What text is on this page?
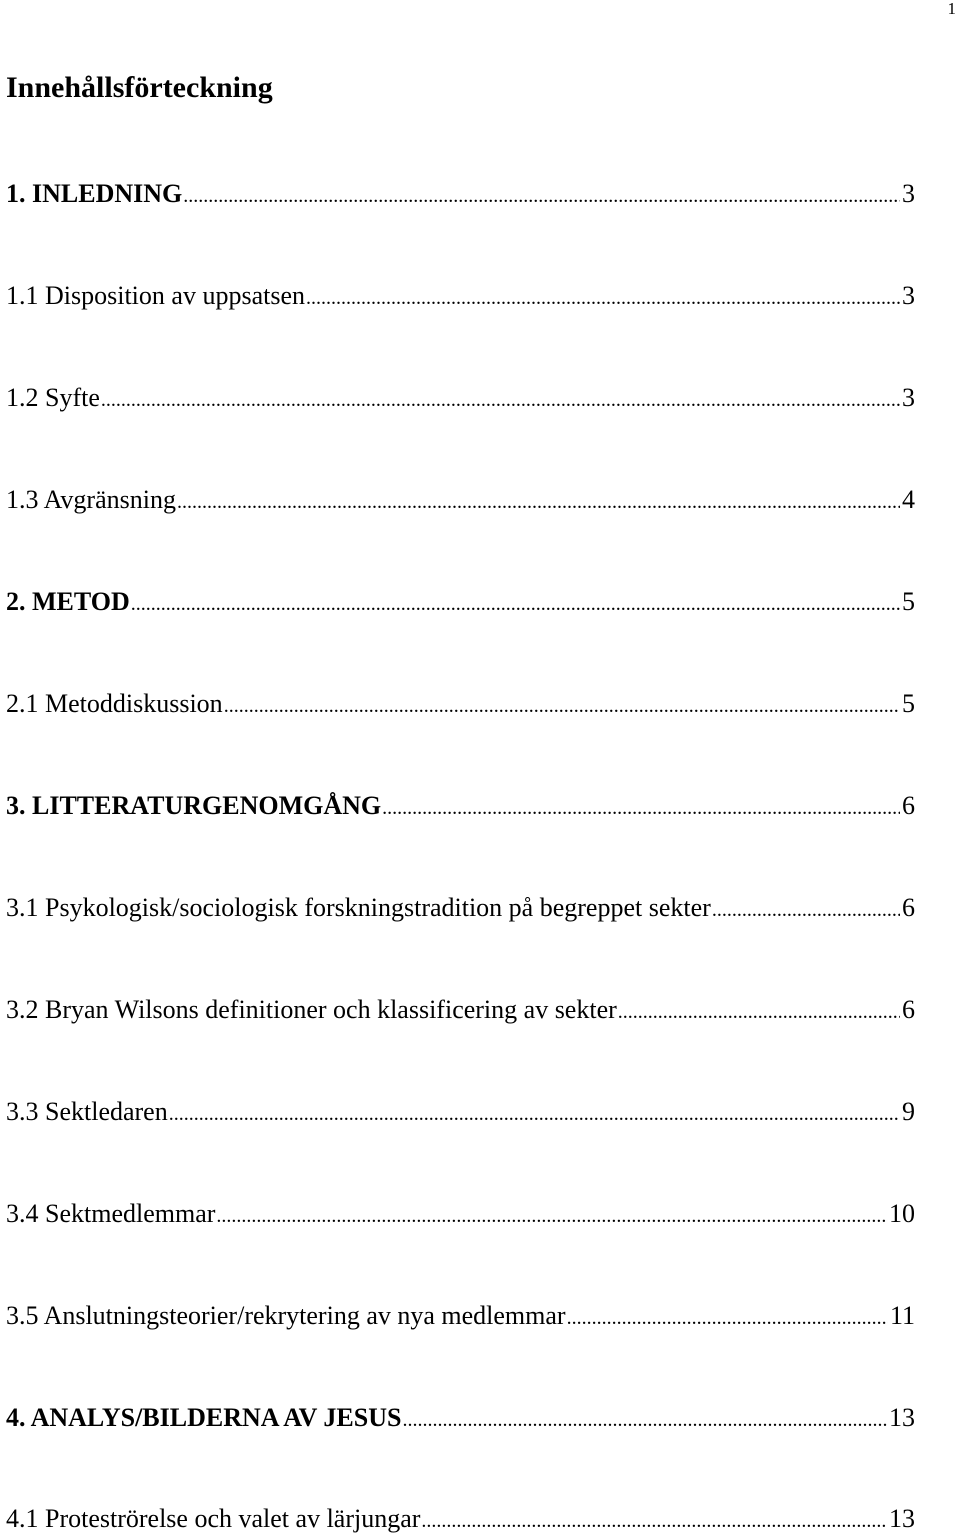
1
Innehållsförteckning
1. INLEDNING .....	3
1.1 Disposition av uppsatsen .....	3
1.2 Syfte .....	3
1.3 Avgränsning .....	4
2. METOD .....	5
2.1 Metoddiskussion .....	5
3. LITTERATURGENOMGÅNG .....	6
3.1 Psykologisk/sociologisk forskningstradition på begreppet sekter .....	6
3.2 Bryan Wilsons definitioner och klassificering av sekter .....	6
3.3 Sektledaren .....	9
3.4 Sektmedlemmar .....	10
3.5 Anslutningsteorier/rekrytering av nya medlemmar .....	11
4. ANALYS/BILDERNA AV JESUS .....	13
4.1 Proteströrelse och valet av lärjungar .....	13
